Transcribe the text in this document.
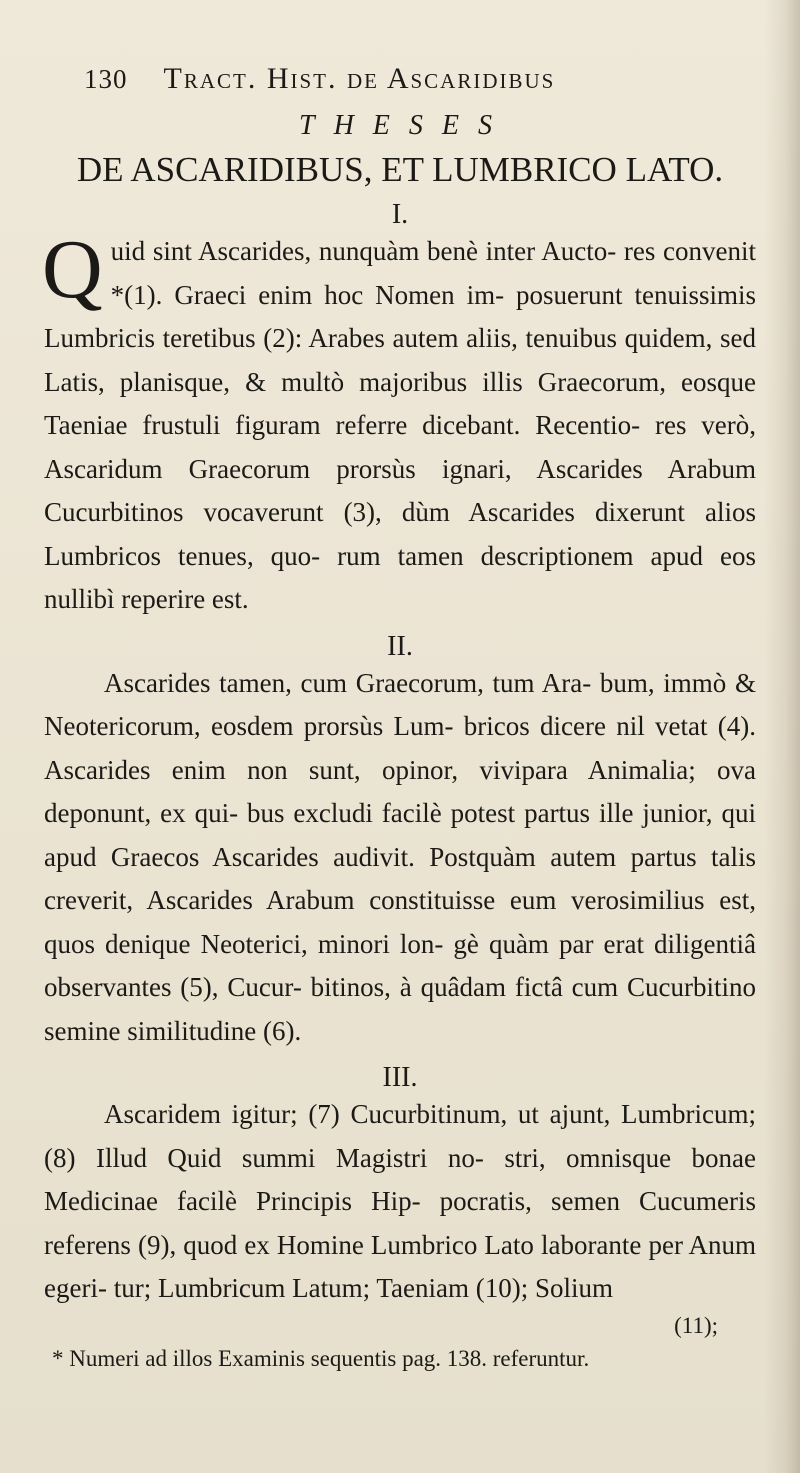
130 Tract. Hist. de Ascaridibus
THESES
DE ASCARIDIBUS, ET LUMBRICO LATO.
I.
Q uid sint Ascarides, nunquàm benè inter Aucto- res convenit *(1). Graeci enim hoc Nomen im- posuerunt tenuissimis Lumbricis teretibus (2): Arabes autem aliis, tenuibus quidem, sed Latis, planisque, & multò majoribus illis Graecorum, eosque Taeniae frustuli figuram referre dicebant. Recentio- res verò, Ascaridum Graecorum prorsùs ignari, Ascarides Arabum Cucurbitinos vocaverunt (3), dùm Ascarides dixerunt alios Lumbricos tenues, quo- rum tamen descriptionem apud eos nullibì reperire est.

II.

Ascarides tamen, cum Graecorum, tum Ara- bum, immò & Neotericorum, eosdem prorsùs Lum- bricos dicere nil vetat (4). Ascarides enim non sunt, opinor, vivipara Animalia; ova deponunt, ex qui- bus excludi facilè potest partus ille junior, qui apud Graecos Ascarides audivit. Postquàm autem partus talis creverit, Ascarides Arabum constituisse eum verosimilius est, quos denique Neoterici, minori lon- gè quàm par erat diligentiâ observantes (5), Cucur- bitinos, à quâdam fictâ cum Cucurbitino semine similitudine (6).

III.

Ascaridem igitur; (7) Cucurbitinum, ut ajunt, Lumbricum; (8) Illud Quid summi Magistri no- stri, omnisque bonae Medicinae facilè Principis Hip- pocratis, semen Cucumeris referens (9), quod ex Homine Lumbrico Lato laborante per Anum egeri- tur; Lumbricum Latum; Taeniam (10); Solium

(11);
* Numeri ad illos Examinis sequentis pag. 138. referuntur.
